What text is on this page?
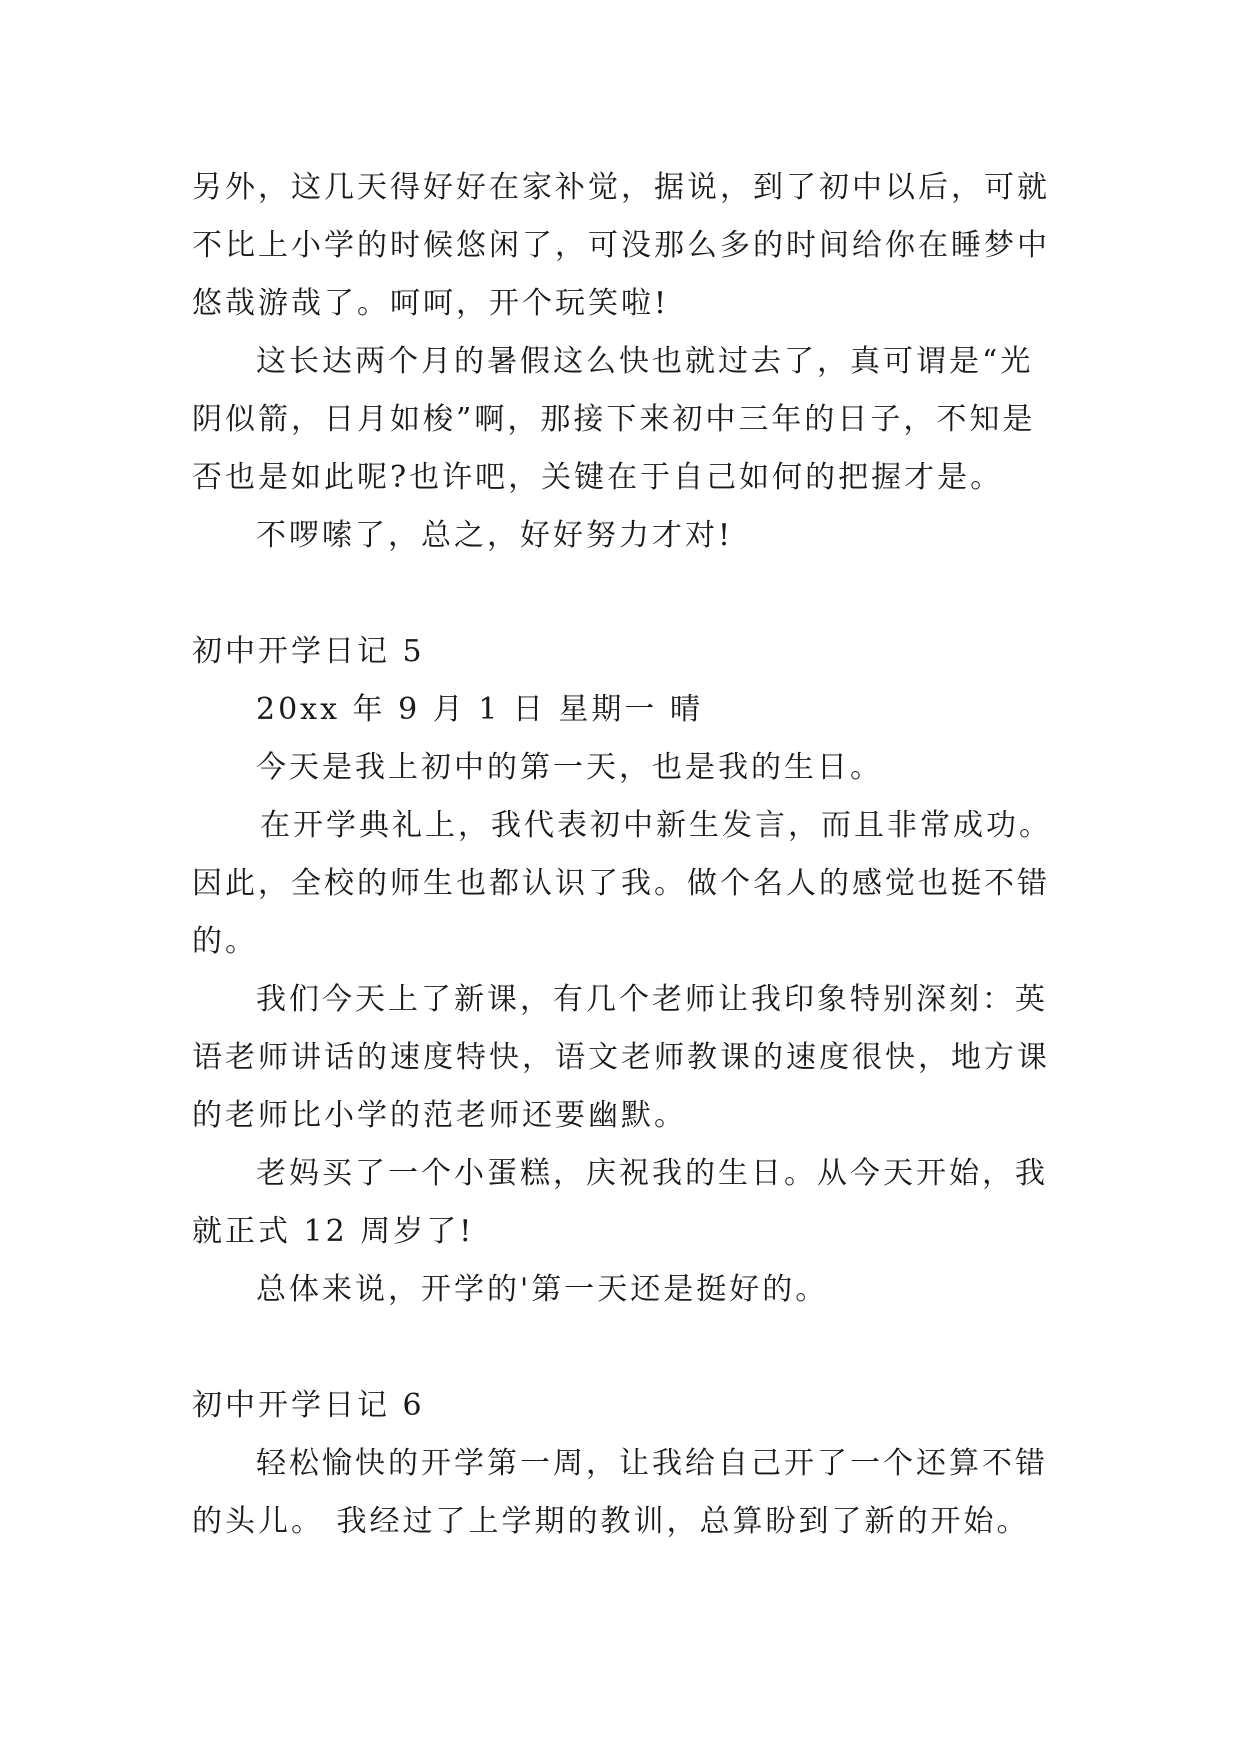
另外，这几天得好好在家补觉，据说，到了初中以后，可就
不比上小学的时候悠闲了，可没那么多的时间给你在睡梦中
悠哉游哉了。呵呵，开个玩笑啦!
这长达两个月的暑假这么快也就过去了，真可谓是“光
阴似箭，日月如梭”啊，那接下来初中三年的日子，不知是
否也是如此呢?也许吧，关键在于自己如何的把握才是。
不啰嗦了，总之，好好努力才对!
初中开学日记 5
20xx 年 9 月 1 日 星期一 晴
今天是我上初中的第一天，也是我的生日。
在开学典礼上，我代表初中新生发言，而且非常成功。
因此，全校的师生也都认识了我。做个名人的感觉也挺不错
的。
我们今天上了新课，有几个老师让我印象特别深刻：英
语老师讲话的速度特快，语文老师教课的速度很快，地方课
的老师比小学的范老师还要幽默。
老妈买了一个小蛋糕，庆祝我的生日。从今天开始，我
就正式 12 周岁了!
总体来说，开学的'第一天还是挺好的。
初中开学日记 6
轻松愉快的开学第一周，让我给自己开了一个还算不错
的头儿。 我经过了上学期的教训，总算盼到了新的开始。
